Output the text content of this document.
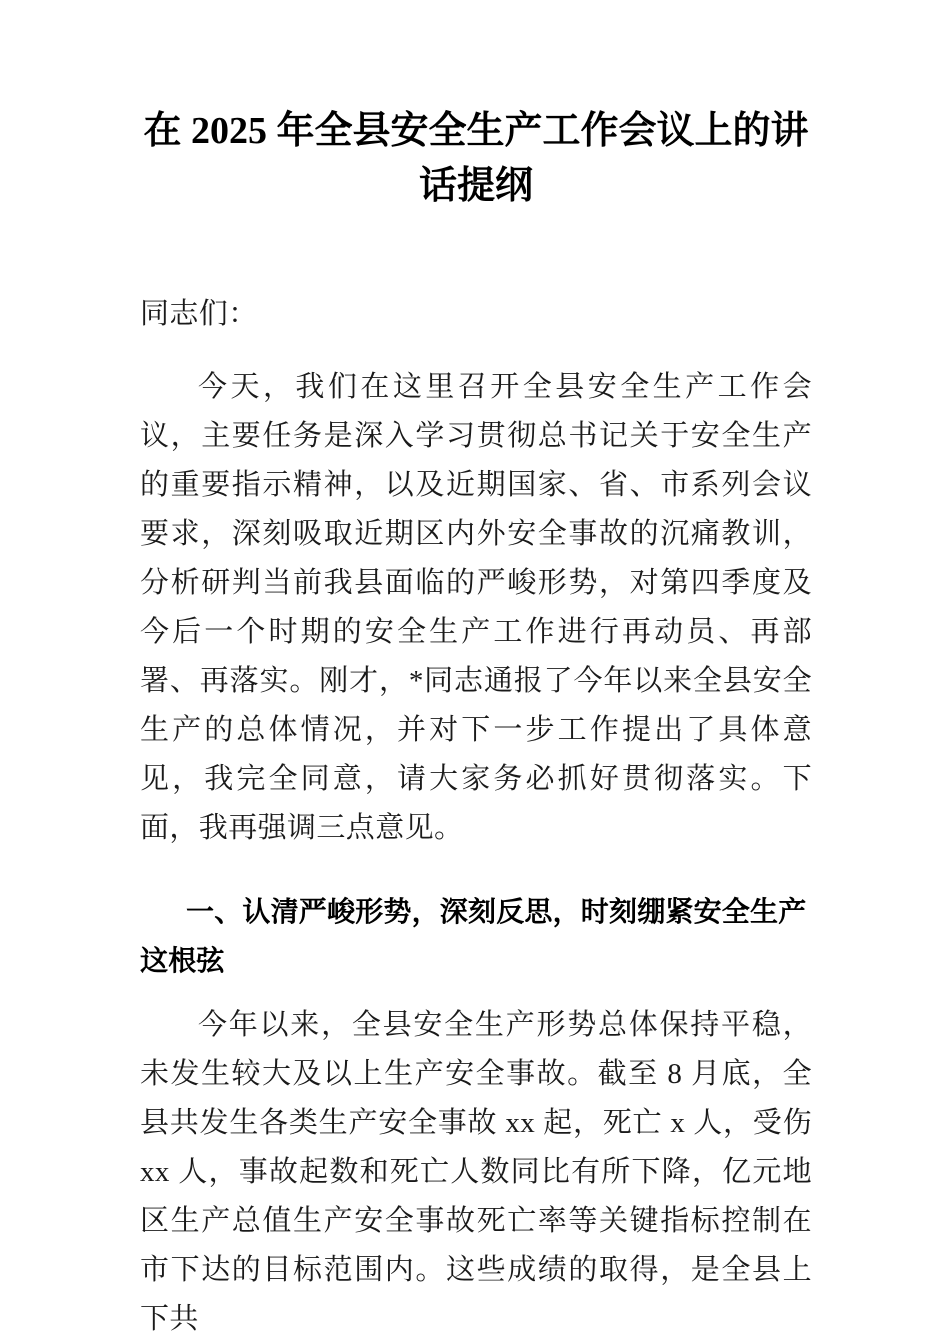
在 2025 年全县安全生产工作会议上的讲话提纲

同志们：

今天，我们在这里召开全县安全生产工作会议，主要任务是深入学习贯彻总书记关于安全生产的重要指示精神，以及近期国家、省、市系列会议要求，深刻吸取近期区内外安全事故的沉痛教训，分析研判当前我县面临的严峻形势，对第四季度及今后一个时期的安全生产工作进行再动员、再部署、再落实。刚才，*同志通报了今年以来全县安全生产的总体情况，并对下一步工作提出了具体意见，我完全同意，请大家务必抓好贯彻落实。下面，我再强调三点意见。

一、认清严峻形势，深刻反思，时刻绷紧安全生产这根弦

今年以来，全县安全生产形势总体保持平稳，未发生较大及以上生产安全事故。截至 8 月底，全县共发生各类生产安全事故 xx 起，死亡 x 人，受伤 xx 人，事故起数和死亡人数同比有所下降，亿元地区生产总值生产安全事故死亡率等关键指标控制在市下达的目标范围内。这些成绩的取得，是全县上下共
